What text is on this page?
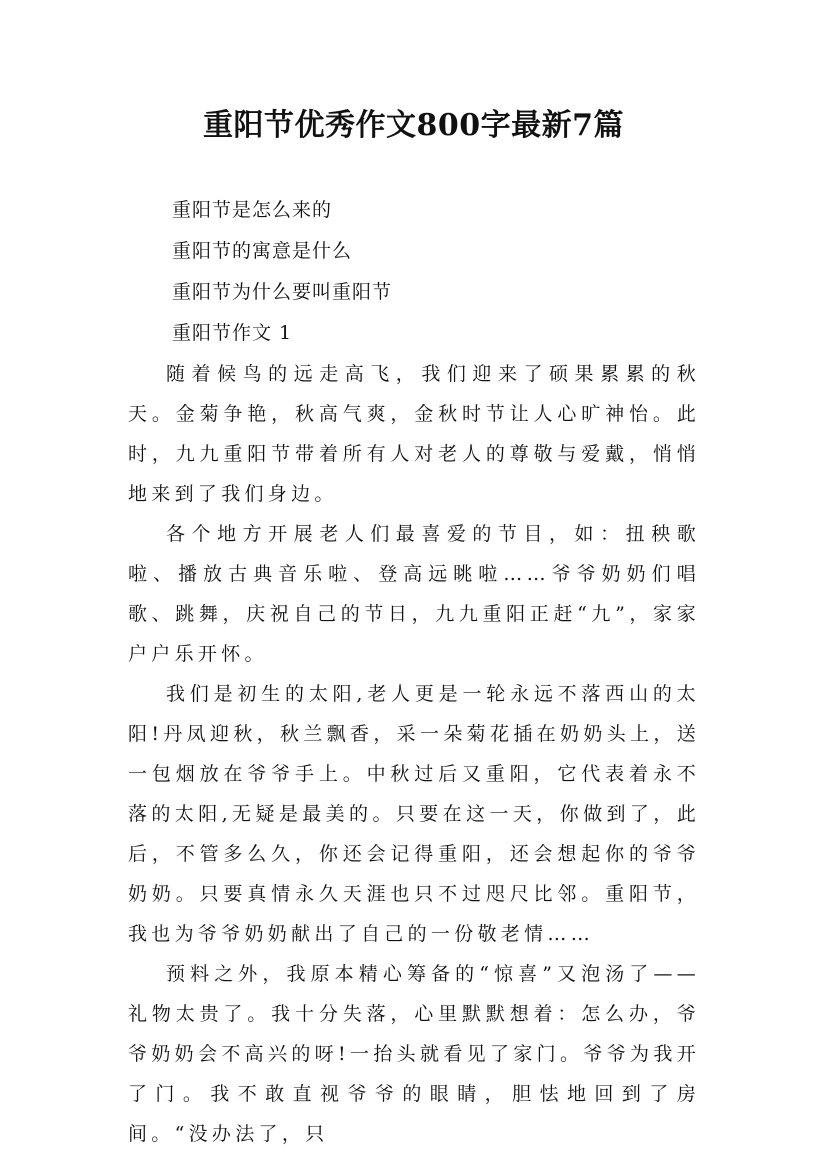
重阳节优秀作文800字最新7篇
重阳节是怎么来的
重阳节的寓意是什么
重阳节为什么要叫重阳节
重阳节作文 1

随着候鸟的远走高飞，我们迎来了硕果累累的秋天。金菊争艳，秋高气爽，金秋时节让人心旷神怡。此时，九九重阳节带着所有人对老人的尊敬与爱戴，悄悄地来到了我们身边。

各个地方开展老人们最喜爱的节目，如：扭秧歌啦、播放古典音乐啦、登高远眺啦……爷爷奶奶们唱歌、跳舞，庆祝自己的节日，九九重阳正赶“九”，家家户户乐开怀。

我们是初生的太阳,老人更是一轮永远不落西山的太阳!丹凤迎秋，秋兰飘香，采一朵菊花插在奶奶头上，送一包烟放在爷爷手上。中秋过后又重阳，它代表着永不落的太阳,无疑是最美的。只要在这一天，你做到了，此后，不管多么久，你还会记得重阳，还会想起你的爷爷奶奶。只要真情永久天涯也只不过咫尺比邻。重阳节，我也为爷爷奶奶献出了自己的一份敬老情……

预料之外，我原本精心筹备的“惊喜”又泡汤了——礼物太贵了。我十分失落，心里默默想着：怎么办，爷爷奶奶会不高兴的呀!一抬头就看见了家门。爷爷为我开了门。我不敢直视爷爷的眼睛，胆怯地回到了房间。“没办法了，只
